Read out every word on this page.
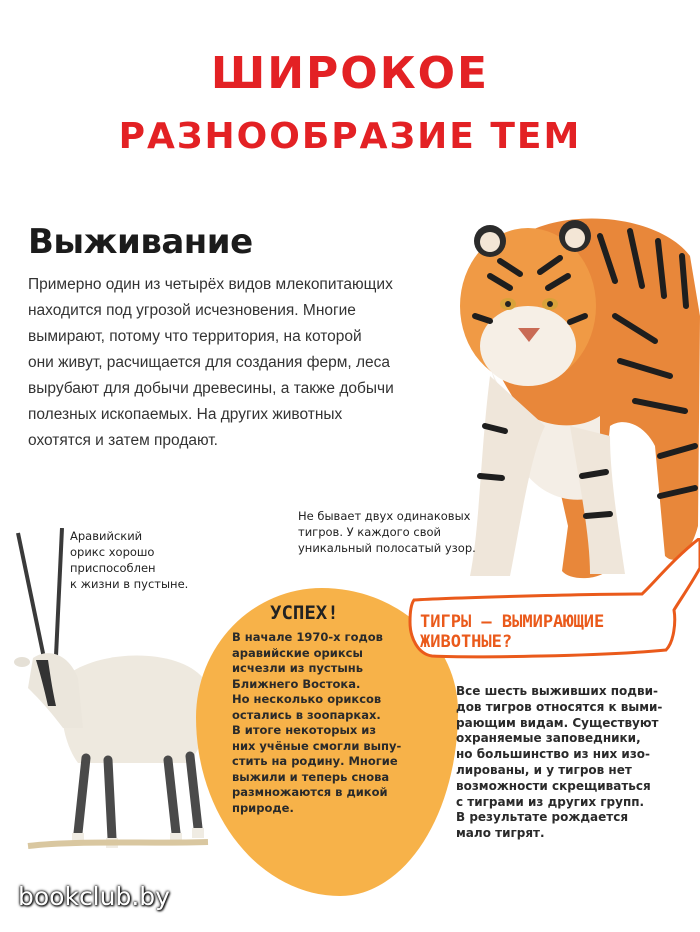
ШИРОКОЕ
РАЗНООБРАЗИЕ ТЕМ
Выживание
Примерно один из четырёх видов млекопитающих
находится под угрозой исчезновения. Многие
вымирают, потому что территория, на которой
они живут, расчищается для создания ферм, леса
вырубают для добычи древесины, а также добычи
полезных ископаемых. На других животных
охотятся и затем продают.
Аравийский
орикс хорошо
приспособлен
к жизни в пустыне.
Не бывает двух одинаковых
тигров. У каждого свой
уникальный полосатый узор.
УСПЕХ!
В начале 1970-х годов
аравийские ориксы
исчезли из пустынь
Ближнего Востока.
Но несколько ориксов
остались в зоопарках.
В итоге некоторых из
них учёные смогли выпу-
стить на родину. Многие
выжили и теперь снова
размножаются в дикой
природе.
ТИГРЫ — ВЫМИРАЮЩИЕ
ЖИВОТНЫЕ?
Все шесть выживших подви-
дов тигров относятся к выми-
рающим видам. Существуют
охраняемые заповедники,
но большинство из них изо-
лированы, и у тигров нет
возможности скрещиваться
с тиграми из других групп.
В результате рождается
мало тигрят.
bookclub.by
